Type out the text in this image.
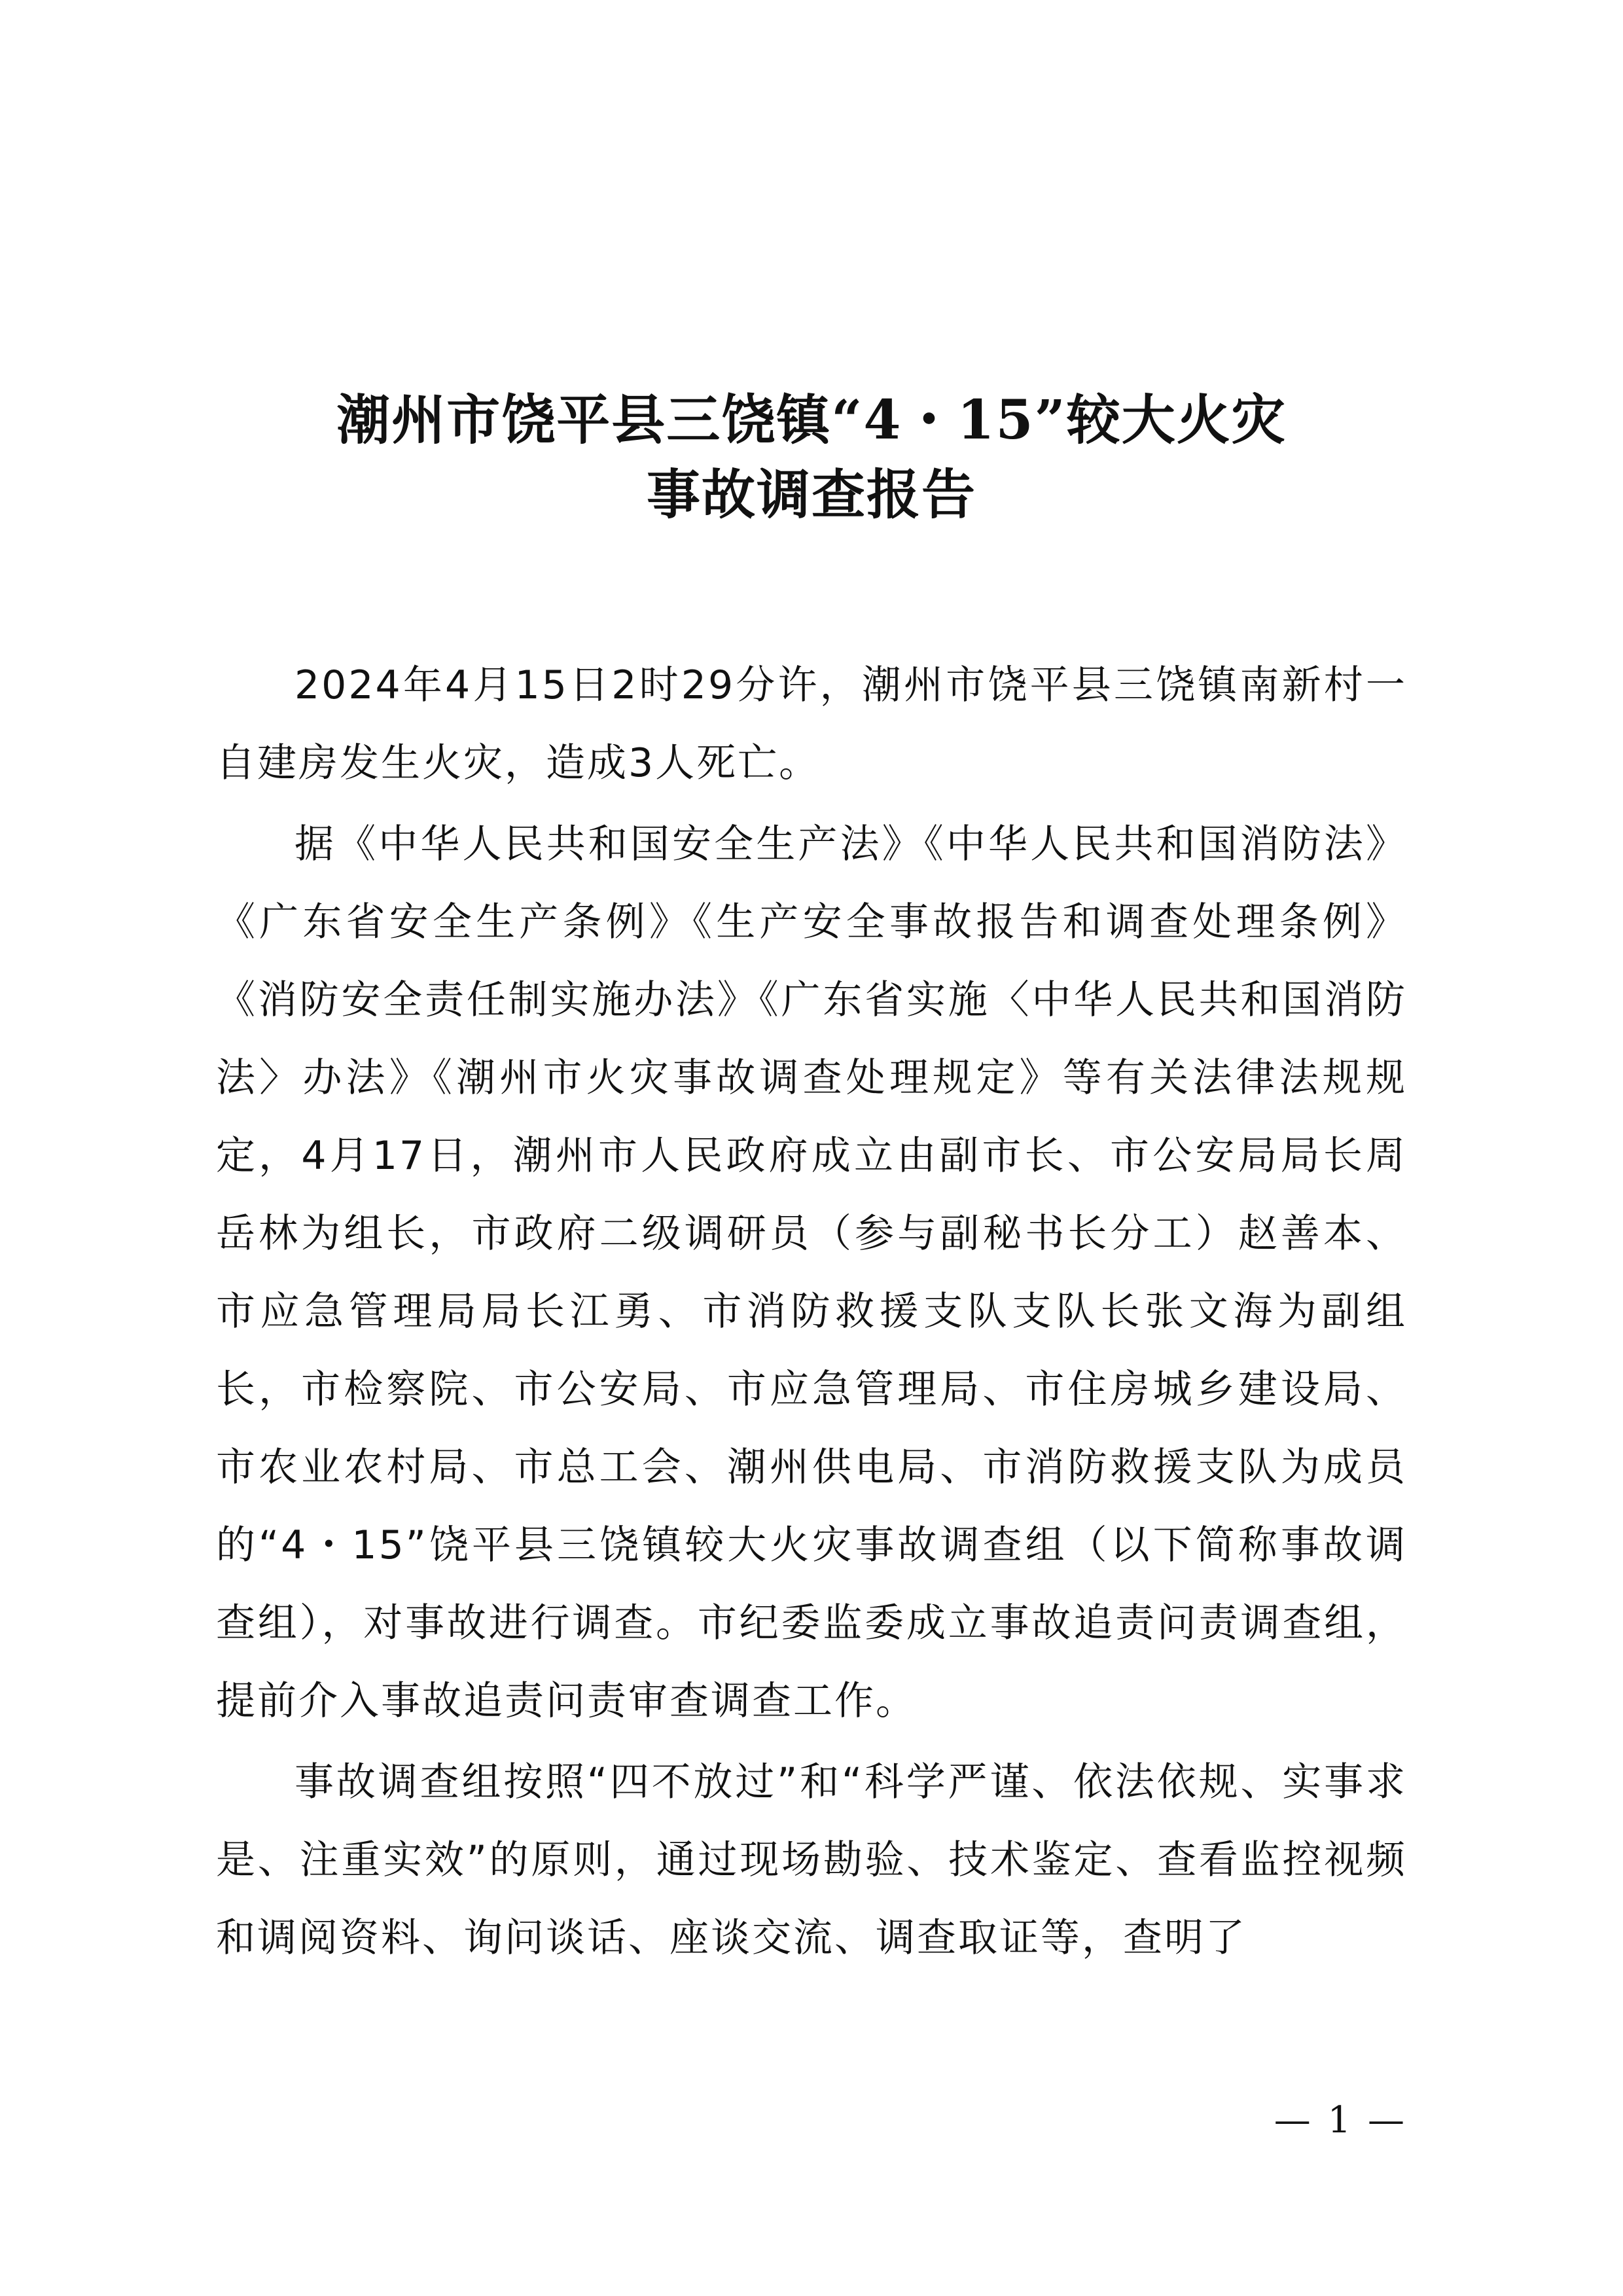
潮州市饶平县三饶镇“4・15”较大火灾
事故调查报告

2024年4月15日2时29分许，潮州市饶平县三饶镇南新村一自建房发生火灾，造成3人死亡。

据《中华人民共和国安全生产法》《中华人民共和国消防法》《广东省安全生产条例》《生产安全事故报告和调查处理条例》《消防安全责任制实施办法》《广东省实施〈中华人民共和国消防法〉办法》《潮州市火灾事故调查处理规定》等有关法律法规规定，4月17日，潮州市人民政府成立由副市长、市公安局局长周岳林为组长，市政府二级调研员（参与副秘书长分工）赵善本、市应急管理局局长江勇、市消防救援支队支队长张文海为副组长，市检察院、市公安局、市应急管理局、市住房城乡建设局、市农业农村局、市总工会、潮州供电局、市消防救援支队为成员的“4・15”饶平县三饶镇较大火灾事故调查组（以下简称事故调查组），对事故进行调查。市纪委监委成立事故追责问责调查组，提前介入事故追责问责审查调查工作。

事故调查组按照“四不放过”和“科学严谨、依法依规、实事求是、注重实效”的原则，通过现场勘验、技术鉴定、查看监控视频和调阅资料、询问谈话、座谈交流、调查取证等，查明了

— 1 —
